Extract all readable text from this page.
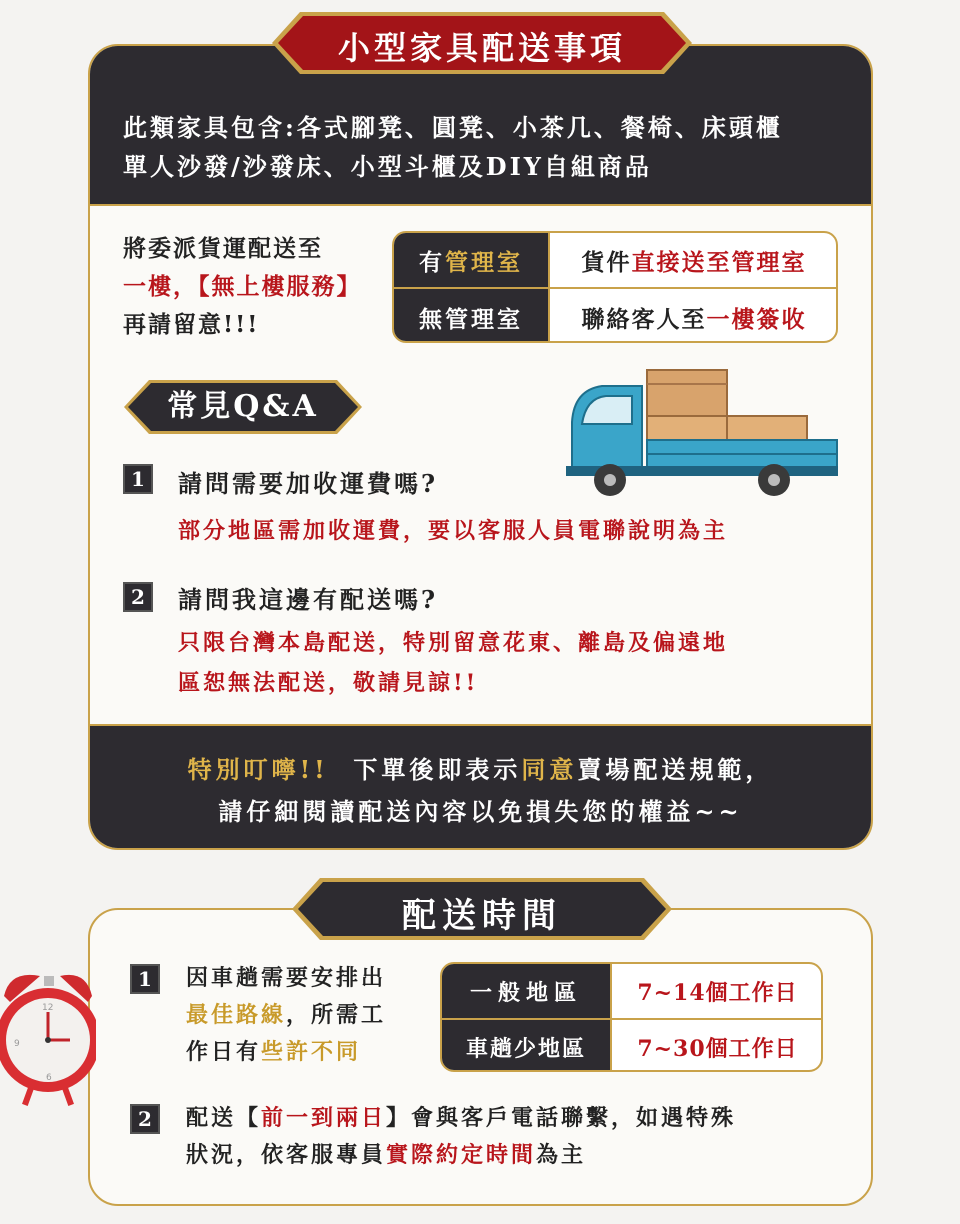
此類家具包含:各式腳凳、圓凳、小茶几、餐椅、床頭櫃
單人沙發/沙發床、小型斗櫃及DIY自組商品
將委派貨運配送至
一樓，【無上樓服務】再請留意!!!
有 管理室	貨件 直接送至管理室
無管理室	聯絡客人至 一樓簽收
常見Q&A
1	請問需要加收運費嗎?
部分地區需加收運費，要以客服人員電聯說明為主
2	請問我這邊有配送嗎?
只限台灣本島配送，特別留意花東、離島及偏遠地
區恕無法配送，敬請見諒!!
特別叮嚀!! 下單後即表示同意賣場配送規範，
請仔細閱讀配送內容以免損失您的權益~~
小型家具配送事項
1	因車趟需要安排出
最佳路線，所需工
作日有些許不同
一般地區	7~14個工作日
車趟少地區	7~30個工作日
2	配送【前一到兩日】會與客戶電話聯繫，如遇特殊
狀況，依客服專員實際約定時間為主
配送時間
12
9
6
